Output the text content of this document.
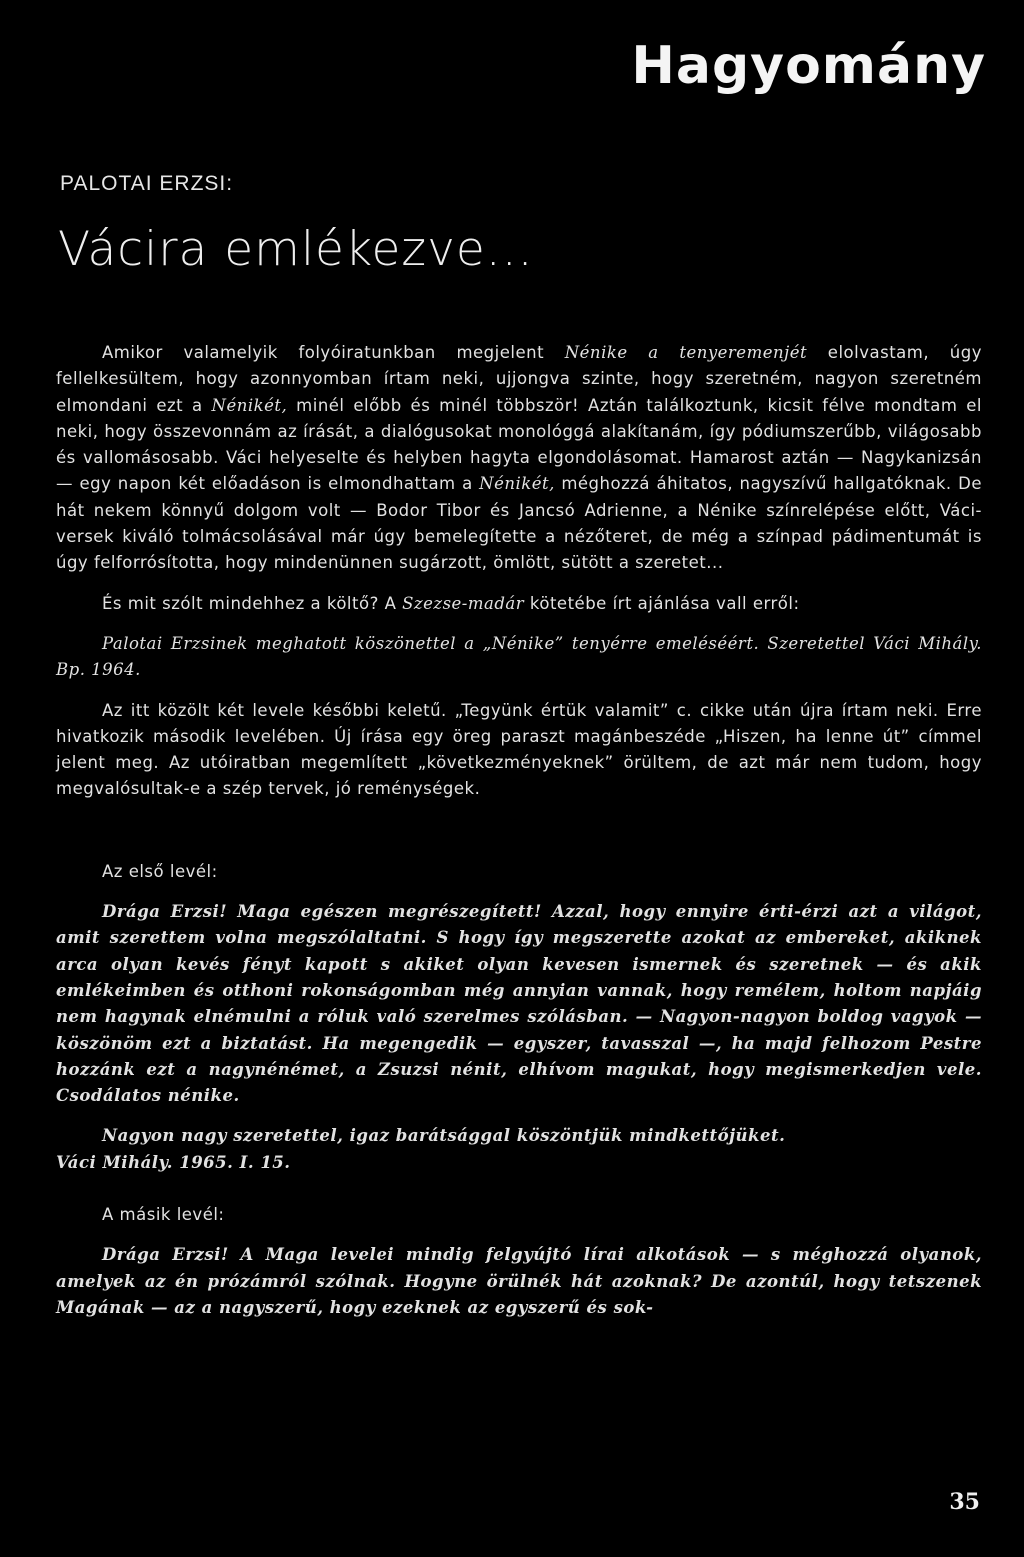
Hagyomány
PALOTAI ERZSI:
Vácira emlékezve...

Amikor valamelyik folyóiratunkban megjelent Nénike a tenyeremenjét elolvastam, úgy fellelkesültem, hogy azonnyomban írtam neki, ujjongva szinte, hogy szeretném, nagyon szeretném elmondani ezt a Nénikét, minél előbb és minél többször! Aztán találkoztunk, kicsit félve mondtam el neki, hogy összevonnám az írását, a dialógusokat monológgá alakítanám, így pódiumszerűbb, világosabb és vallomásosabb. Váci helyeselte és helyben hagyta elgondolásomat. Hamarost aztán — Nagykanizsán — egy napon két előadáson is elmondhattam a Nénikét, méghozzá áhitatos, nagyszívű hallgatóknak. De hát nekem könnyű dolgom volt — Bodor Tibor és Jancsó Adrienne, a Nénike színrelépése előtt, Váci-versek kiváló tolmácsolásával már úgy bemelegítette a nézőteret, de még a színpad pádimentumát is úgy felforrósította, hogy mindenünnen sugárzott, ömlött, sütött a szeretet...

És mit szólt mindehhez a költő? A Szezse-madár kötetébe írt ajánlása vall erről:

Palotai Erzsinek meghatott köszönettel a „Nénike” tenyérre emeléséért. Szeretettel Váci Mihály. Bp. 1964.

Az itt közölt két levele későbbi keletű. „Tegyünk értük valamit” c. cikke után újra írtam neki. Erre hivatkozik második levelében. Új írása egy öreg paraszt magánbeszéde „Hiszen, ha lenne út” címmel jelent meg. Az utóiratban megemlített „következményeknek” örültem, de azt már nem tudom, hogy megvalósultak-e a szép tervek, jó reménységek.

Az első levél:

Drága Erzsi! Maga egészen megrészegített! Azzal, hogy ennyire érti-érzi azt a világot, amit szerettem volna megszólaltatni. S hogy így megszerette azokat az embereket, akiknek arca olyan kevés fényt kapott s akiket olyan kevesen ismernek és szeretnek — és akik emlékeimben és otthoni rokonságomban még annyian vannak, hogy remélem, holtom napjáig nem hagynak elnémulni a róluk való szerelmes szólásban. — Nagyon-nagyon boldog vagyok — köszönöm ezt a biztatást. Ha megengedik — egyszer, tavasszal —, ha majd felhozom Pestre hozzánk ezt a nagynénémet, a Zsuzsi nénit, elhívom magukat, hogy megismerkedjen vele. Csodálatos nénike.

Nagyon nagy szeretettel, igaz barátsággal köszöntjük mindkettőjüket.

Váci Mihály. 1965. I. 15.

A másik levél:

Drága Erzsi! A Maga levelei mindig felgyújtó lírai alkotások — s méghozzá olyanok, amelyek az én prózámról szólnak. Hogyne örülnék hát azoknak? De azontúl, hogy tetszenek Magának — az a nagyszerű, hogy ezeknek az egyszerű és sok-

35
